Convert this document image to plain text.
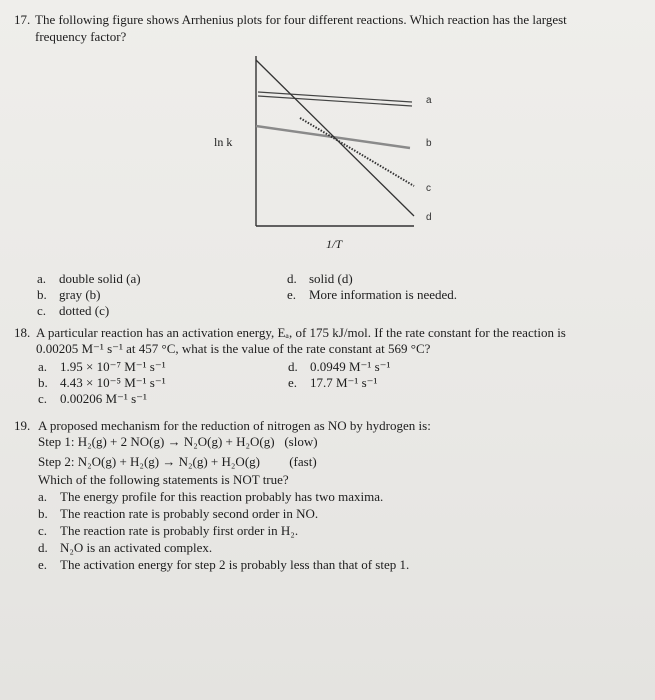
17. The following figure shows Arrhenius plots for four different reactions. Which reaction has the largest
frequency factor?
ln k
1/T
a
b
c
d
a. double solid (a)
b. gray (b)
c. dotted (c)
d. solid (d)
e. More information is needed.
18. A particular reaction has an activation energy, Eₐ, of 175 kJ/mol. If the rate constant for the reaction is
0.00205 M⁻¹ s⁻¹ at 457 °C, what is the value of the rate constant at 569 °C?
a. 1.95 × 10⁻⁷ M⁻¹ s⁻¹
b. 4.43 × 10⁻⁵ M⁻¹ s⁻¹
c. 0.00206 M⁻¹ s⁻¹
d. 0.0949 M⁻¹ s⁻¹
e. 17.7 M⁻¹ s⁻¹
19. A proposed mechanism for the reduction of nitrogen as NO by hydrogen is:
Step 1: H₂(g) + 2 NO(g) → N₂O(g) + H₂O(g)   (slow)
Step 2: N₂O(g) + H₂(g) → N₂(g) + H₂O(g)         (fast)
Which of the following statements is NOT true?
a. The energy profile for this reaction probably has two maxima.
b. The reaction rate is probably second order in NO.
c. The reaction rate is probably first order in H₂.
d. N₂O is an activated complex.
e. The activation energy for step 2 is probably less than that of step 1.
